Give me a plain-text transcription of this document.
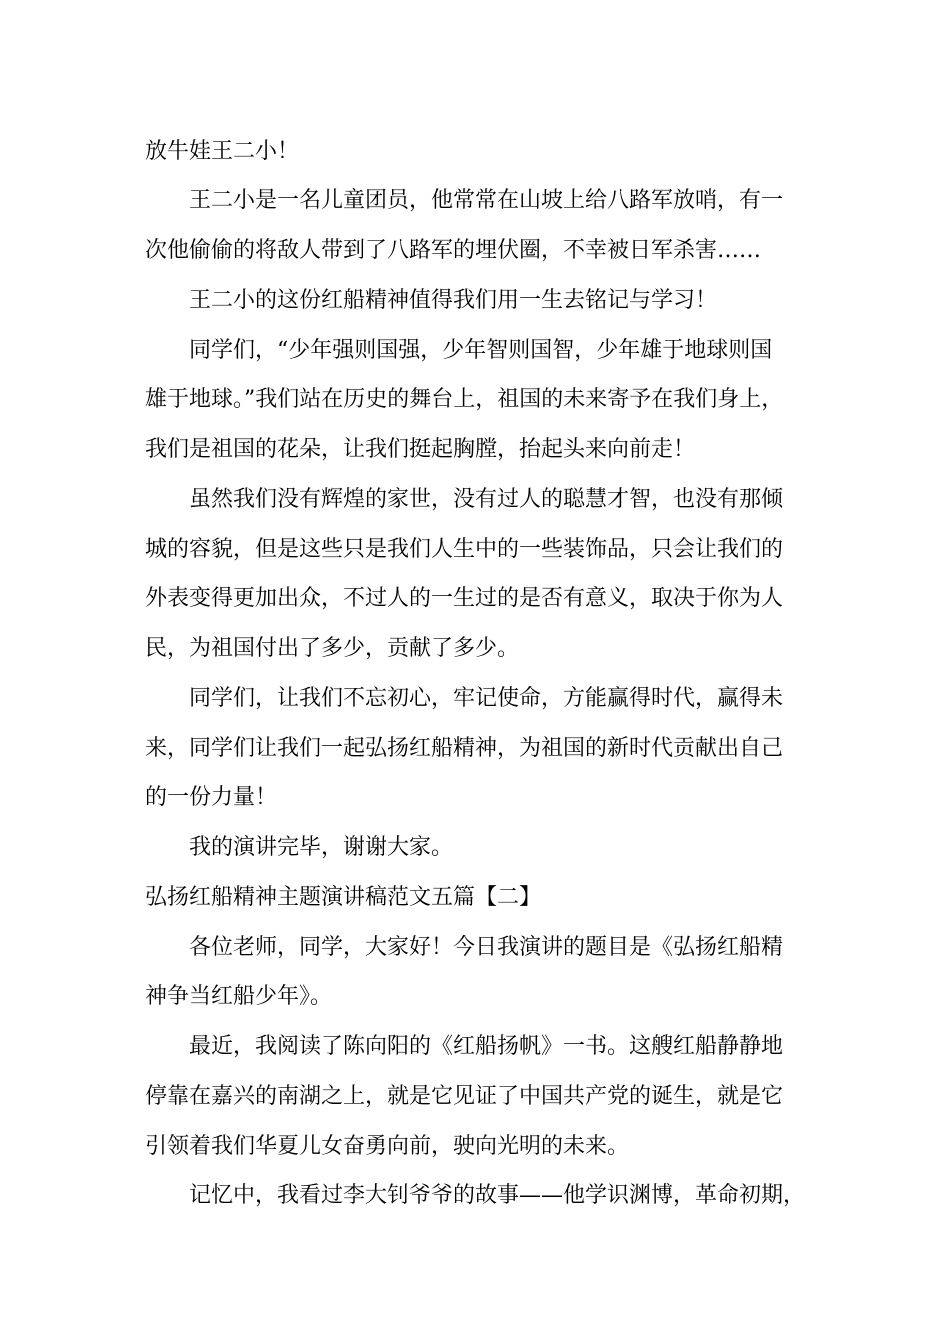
放牛娃王二小！

王二小是一名儿童团员，他常常在山坡上给八路军放哨，有一

次他偷偷的将敌人带到了八路军的埋伏圈，不幸被日军杀害……

王二小的这份红船精神值得我们用一生去铭记与学习！

同学们，“少年强则国强，少年智则国智，少年雄于地球则国

雄于地球。”我们站在历史的舞台上，祖国的未来寄予在我们身上，

我们是祖国的花朵，让我们挺起胸膛，抬起头来向前走！

虽然我们没有辉煌的家世，没有过人的聪慧才智，也没有那倾

城的容貌，但是这些只是我们人生中的一些装饰品，只会让我们的

外表变得更加出众，不过人的一生过的是否有意义，取决于你为人

民，为祖国付出了多少，贡献了多少。

同学们，让我们不忘初心，牢记使命，方能赢得时代，赢得未

来，同学们让我们一起弘扬红船精神，为祖国的新时代贡献出自己

的一份力量！

我的演讲完毕，谢谢大家。

弘扬红船精神主题演讲稿范文五篇【二】

各位老师，同学，大家好！今日我演讲的题目是《弘扬红船精

神争当红船少年》。

最近，我阅读了陈向阳的《红船扬帆》一书。这艘红船静静地

停靠在嘉兴的南湖之上，就是它见证了中国共产党的诞生，就是它

引领着我们华夏儿女奋勇向前，驶向光明的未来。

记忆中，我看过李大钊爷爷的故事——他学识渊博，革命初期，
